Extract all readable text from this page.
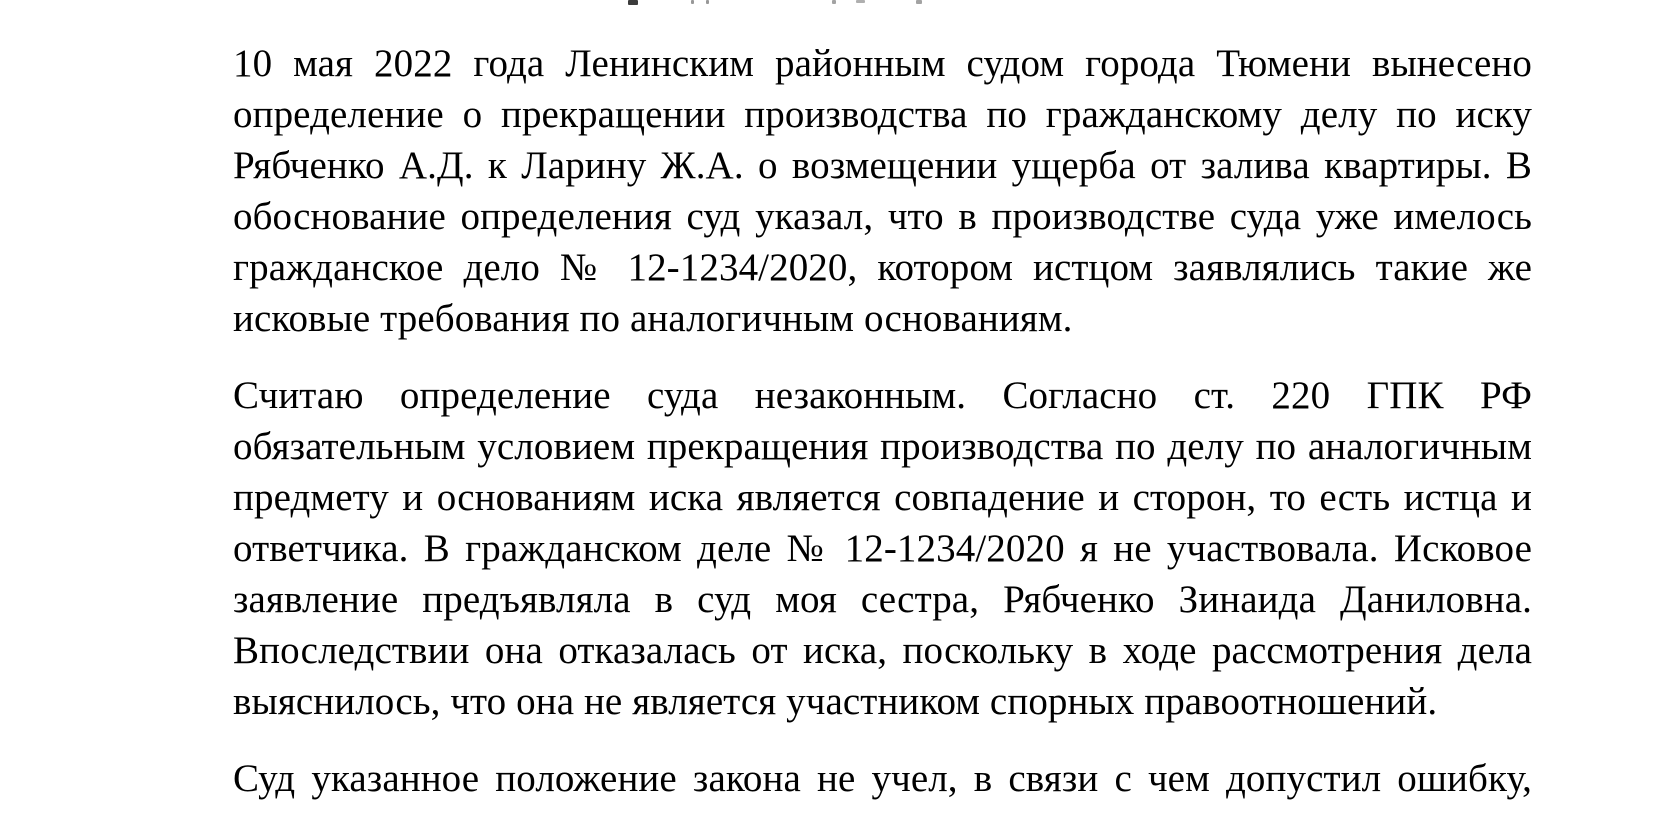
10 мая 2022 года Ленинским районным судом города Тюмени вынесено
определение о прекращении производства по гражданскому делу по иску
Рябченко А.Д. к Ларину Ж.А. о возмещении ущерба от залива квартиры. В
обоснование определения суд указал, что в производстве суда уже имелось
гражданское дело № 12-1234/2020, котором истцом заявлялись такие же
исковые требования по аналогичным основаниям.
Считаю определение суда незаконным. Согласно ст. 220 ГПК РФ
обязательным условием прекращения производства по делу по аналогичным
предмету и основаниям иска является совпадение и сторон, то есть истца и
ответчика. В гражданском деле № 12-1234/2020 я не участвовала. Исковое
заявление предъявляла в суд моя сестра, Рябченко Зинаида Даниловна.
Впоследствии она отказалась от иска, поскольку в ходе рассмотрения дела
выяснилось, что она не является участником спорных правоотношений.
Суд указанное положение закона не учел, в связи с чем допустил ошибку,
